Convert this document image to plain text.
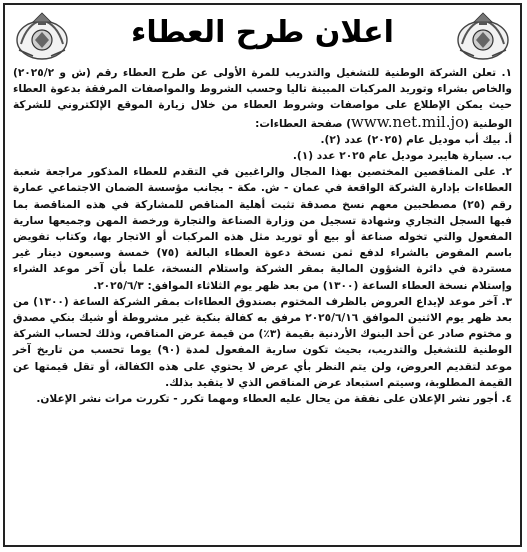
اعلان طرح العطاء

١. تعلن الشركة الوطنية للتشغيل والتدريب للمرة الأولى عن طرح العطاء رقم (ش و ٢٠٢٥/٢) والخاص بشراء وتوريد المركبات المبينة تاليا وحسب الشروط والمواصفات المرفقة بدعوة العطاء حيث يمكن الإطلاع على مواصفات وشروط العطاء من خلال زيارة الموقع الإلكتروني للشركة الوطنية (www.net.mil.jo) صفحة العطاءات:

أ. بيك أب موديل عام (٢٠٢٥) عدد (٢).

ب. سيارة هايبرد موديل عام ٢٠٢٥ عدد (١).

٢. على المناقصين المختصين بهذا المجال والراغبين في التقدم للعطاء المذكور مراجعة شعبة العطاءات بإدارة الشركة الواقعة في عمان - ش. مكة - بجانب مؤسسة الضمان الاجتماعي عمارة رقم (٢٥) مصطحبين معهم نسخ مصدقة تثبت أهلية المناقص للمشاركة في هذه المناقصة بما فيها السجل التجاري وشهادة تسجيل من وزارة الصناعة والتجارة ورخصة المهن وجميعها سارية المفعول والتي تخوله صناعة أو بيع أو توريد مثل هذه المركبات أو الاتجار بها، وكتاب تفويض باسم المفوض بالشراء لدفع ثمن نسخة دعوة العطاء البالغة (٧٥) خمسة وسبعون دينار غير مستردة في دائرة الشؤون المالية بمقر الشركة واستلام النسخة، علما بأن آخر موعد الشراء وإستلام نسخة العطاء الساعة (١٣٠٠) من بعد ظهر يوم الثلاثاء الموافق: ٢٠٢٥/٦/٣.

٣. آخر موعد لإيداع العروض بالظرف المختوم بصندوق العطاءات بمقر الشركة الساعة (١٣٠٠) من بعد ظهر يوم الاثنين الموافق ٢٠٢٥/٦/١٦ مرفق به كفالة بنكية غير مشروطة أو شيك بنكي مصدق و مختوم صادر عن أحد البنوك الأردنية بقيمة (٣٪) من قيمة عرض المناقص، وذلك لحساب الشركة الوطنية للتشغيل والتدريب، بحيث تكون سارية المفعول لمدة (٩٠) يوما تحسب من تاريخ آخر موعد لتقديم العروض، ولن يتم النظر بأي عرض لا يحتوي على هذه الكفالة، أو تقل قيمتها عن القيمة المطلوبة، وسيتم استبعاد عرض المناقص الذي لا يتقيد بذلك.

٤. أجور نشر الإعلان على نفقة من يحال عليه العطاء ومهما تكرر - تكررت مرات نشر الإعلان.
